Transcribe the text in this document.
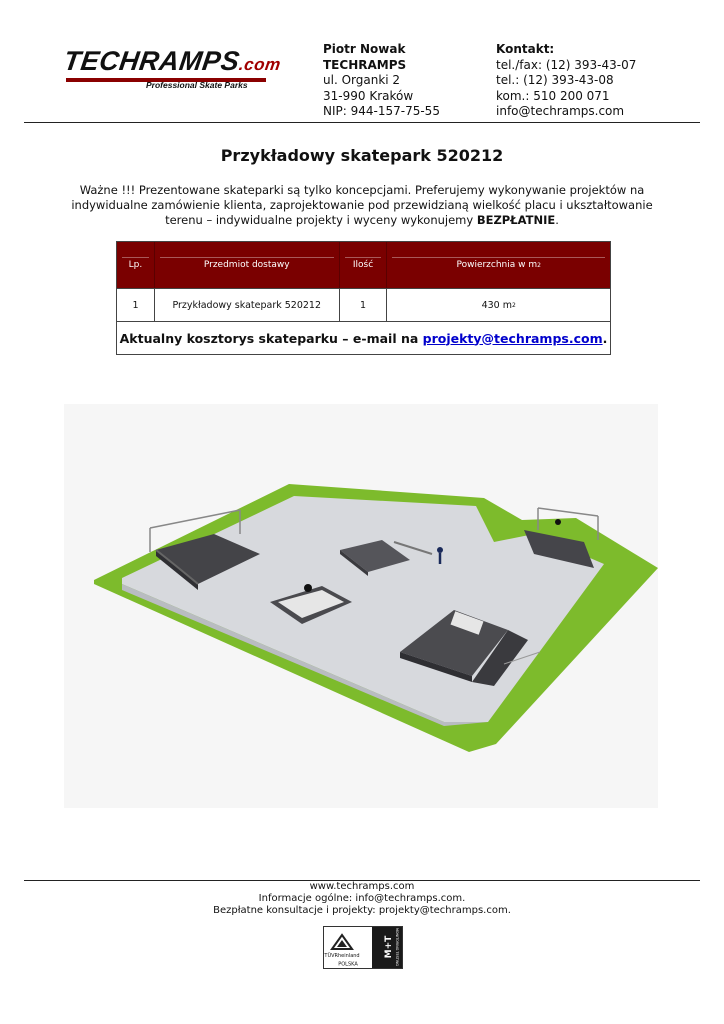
TECHRAMPS.com
Professional Skate Parks
Piotr Nowak
TECHRAMPS
ul. Organki 2
31-990 Kraków
NIP: 944-157-75-55
Kontakt:
tel./fax: (12) 393-43-07
tel.: (12) 393-43-08
kom.: 510 200 071
info@techramps.com
Przykładowy skatepark 520212
Ważne !!! Prezentowane skateparki są tylko koncepcjami. Preferujemy wykonywanie projektów na indywidualne zamówienie klienta, zaprojektowanie pod przewidzianą wielkość placu i ukształtowanie terenu – indywidualne projekty i wyceny wykonujemy BEZPŁATNIE.
Lp.	Przedmiot dostawy	Ilość	Powierzchnia w m 2
1	Przykładowy skatepark 520212	1	430 m 2
Aktualny kosztorys skateparku – e-mail na
projekty@techramps.com .
www.techramps.com
Informacje ogólne: info@techramps.com.
Bezpłatne konsultacje i projekty: projekty@techramps.com.
TÜVRheinland
POLSKA
M+T MONITORING TESTING
